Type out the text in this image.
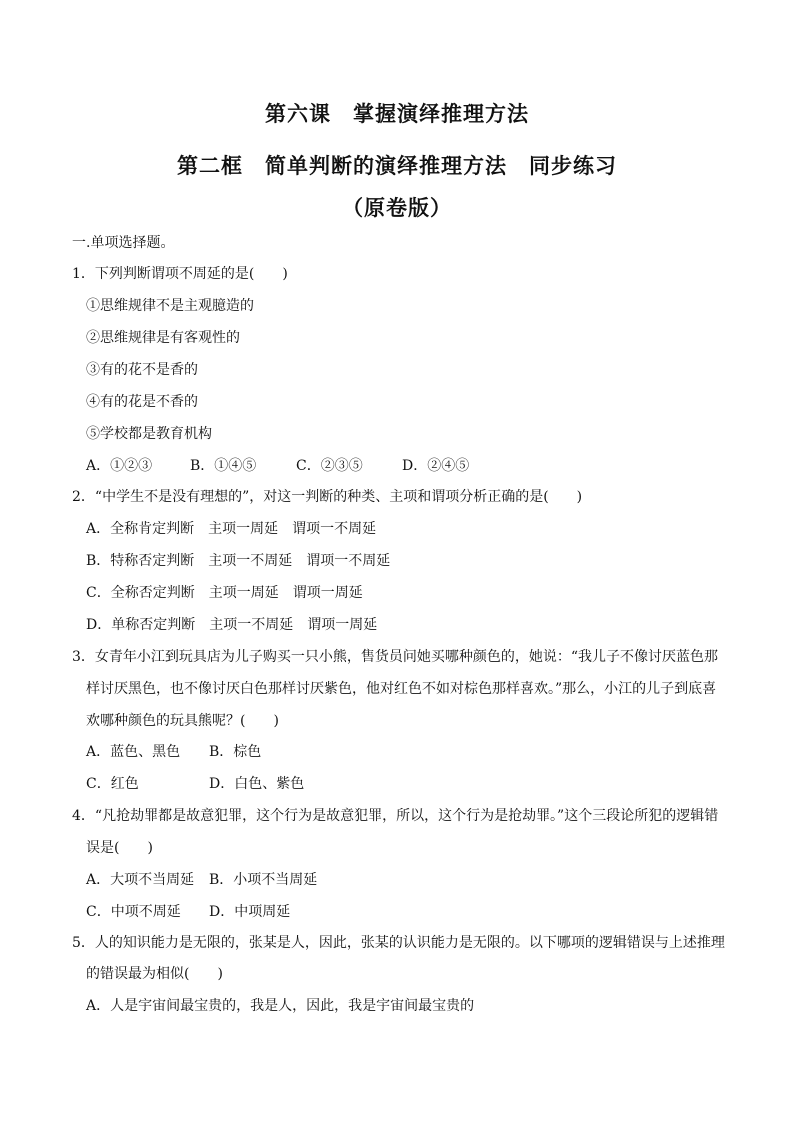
第六课　掌握演绎推理方法
第二框　简单判断的演绎推理方法　同步练习
（原卷版）
一.单项选择题。
1．下列判断谓项不周延的是(　　)
①思维规律不是主观臆造的
②思维规律是有客观性的
③有的花不是香的
④有的花是不香的
⑤学校都是教育机构
A．①②③	B．①④⑤	C．②③⑤	D．②④⑤
2．“中学生不是没有理想的”，对这一判断的种类、主项和谓项分析正确的是(　　)
A．全称肯定判断　主项一周延　谓项一不周延
B．特称否定判断　主项一不周延　谓项一不周延
C．全称否定判断　主项一周延　谓项一周延
D．单称否定判断　主项一不周延　谓项一周延
3．女青年小江到玩具店为儿子购买一只小熊，售货员问她买哪种颜色的，她说：“我儿子不像讨厌蓝色那
样讨厌黑色，也不像讨厌白色那样讨厌紫色，他对红色不如对棕色那样喜欢。”那么，小江的儿子到底喜
欢哪种颜色的玩具熊呢？(　　)
A．蓝色、黑色 B．棕色
C．红色	D．白色、紫色
4．“凡抢劫罪都是故意犯罪，这个行为是故意犯罪，所以，这个行为是抢劫罪。”这个三段论所犯的逻辑错
误是(　　)
A．大项不当周延 B．小项不当周延
C．中项不周延 D．中项周延
5．人的知识能力是无限的，张某是人，因此，张某的认识能力是无限的。以下哪项的逻辑错误与上述推理
的错误最为相似(　　)
A．人是宇宙间最宝贵的，我是人，因此，我是宇宙间最宝贵的
